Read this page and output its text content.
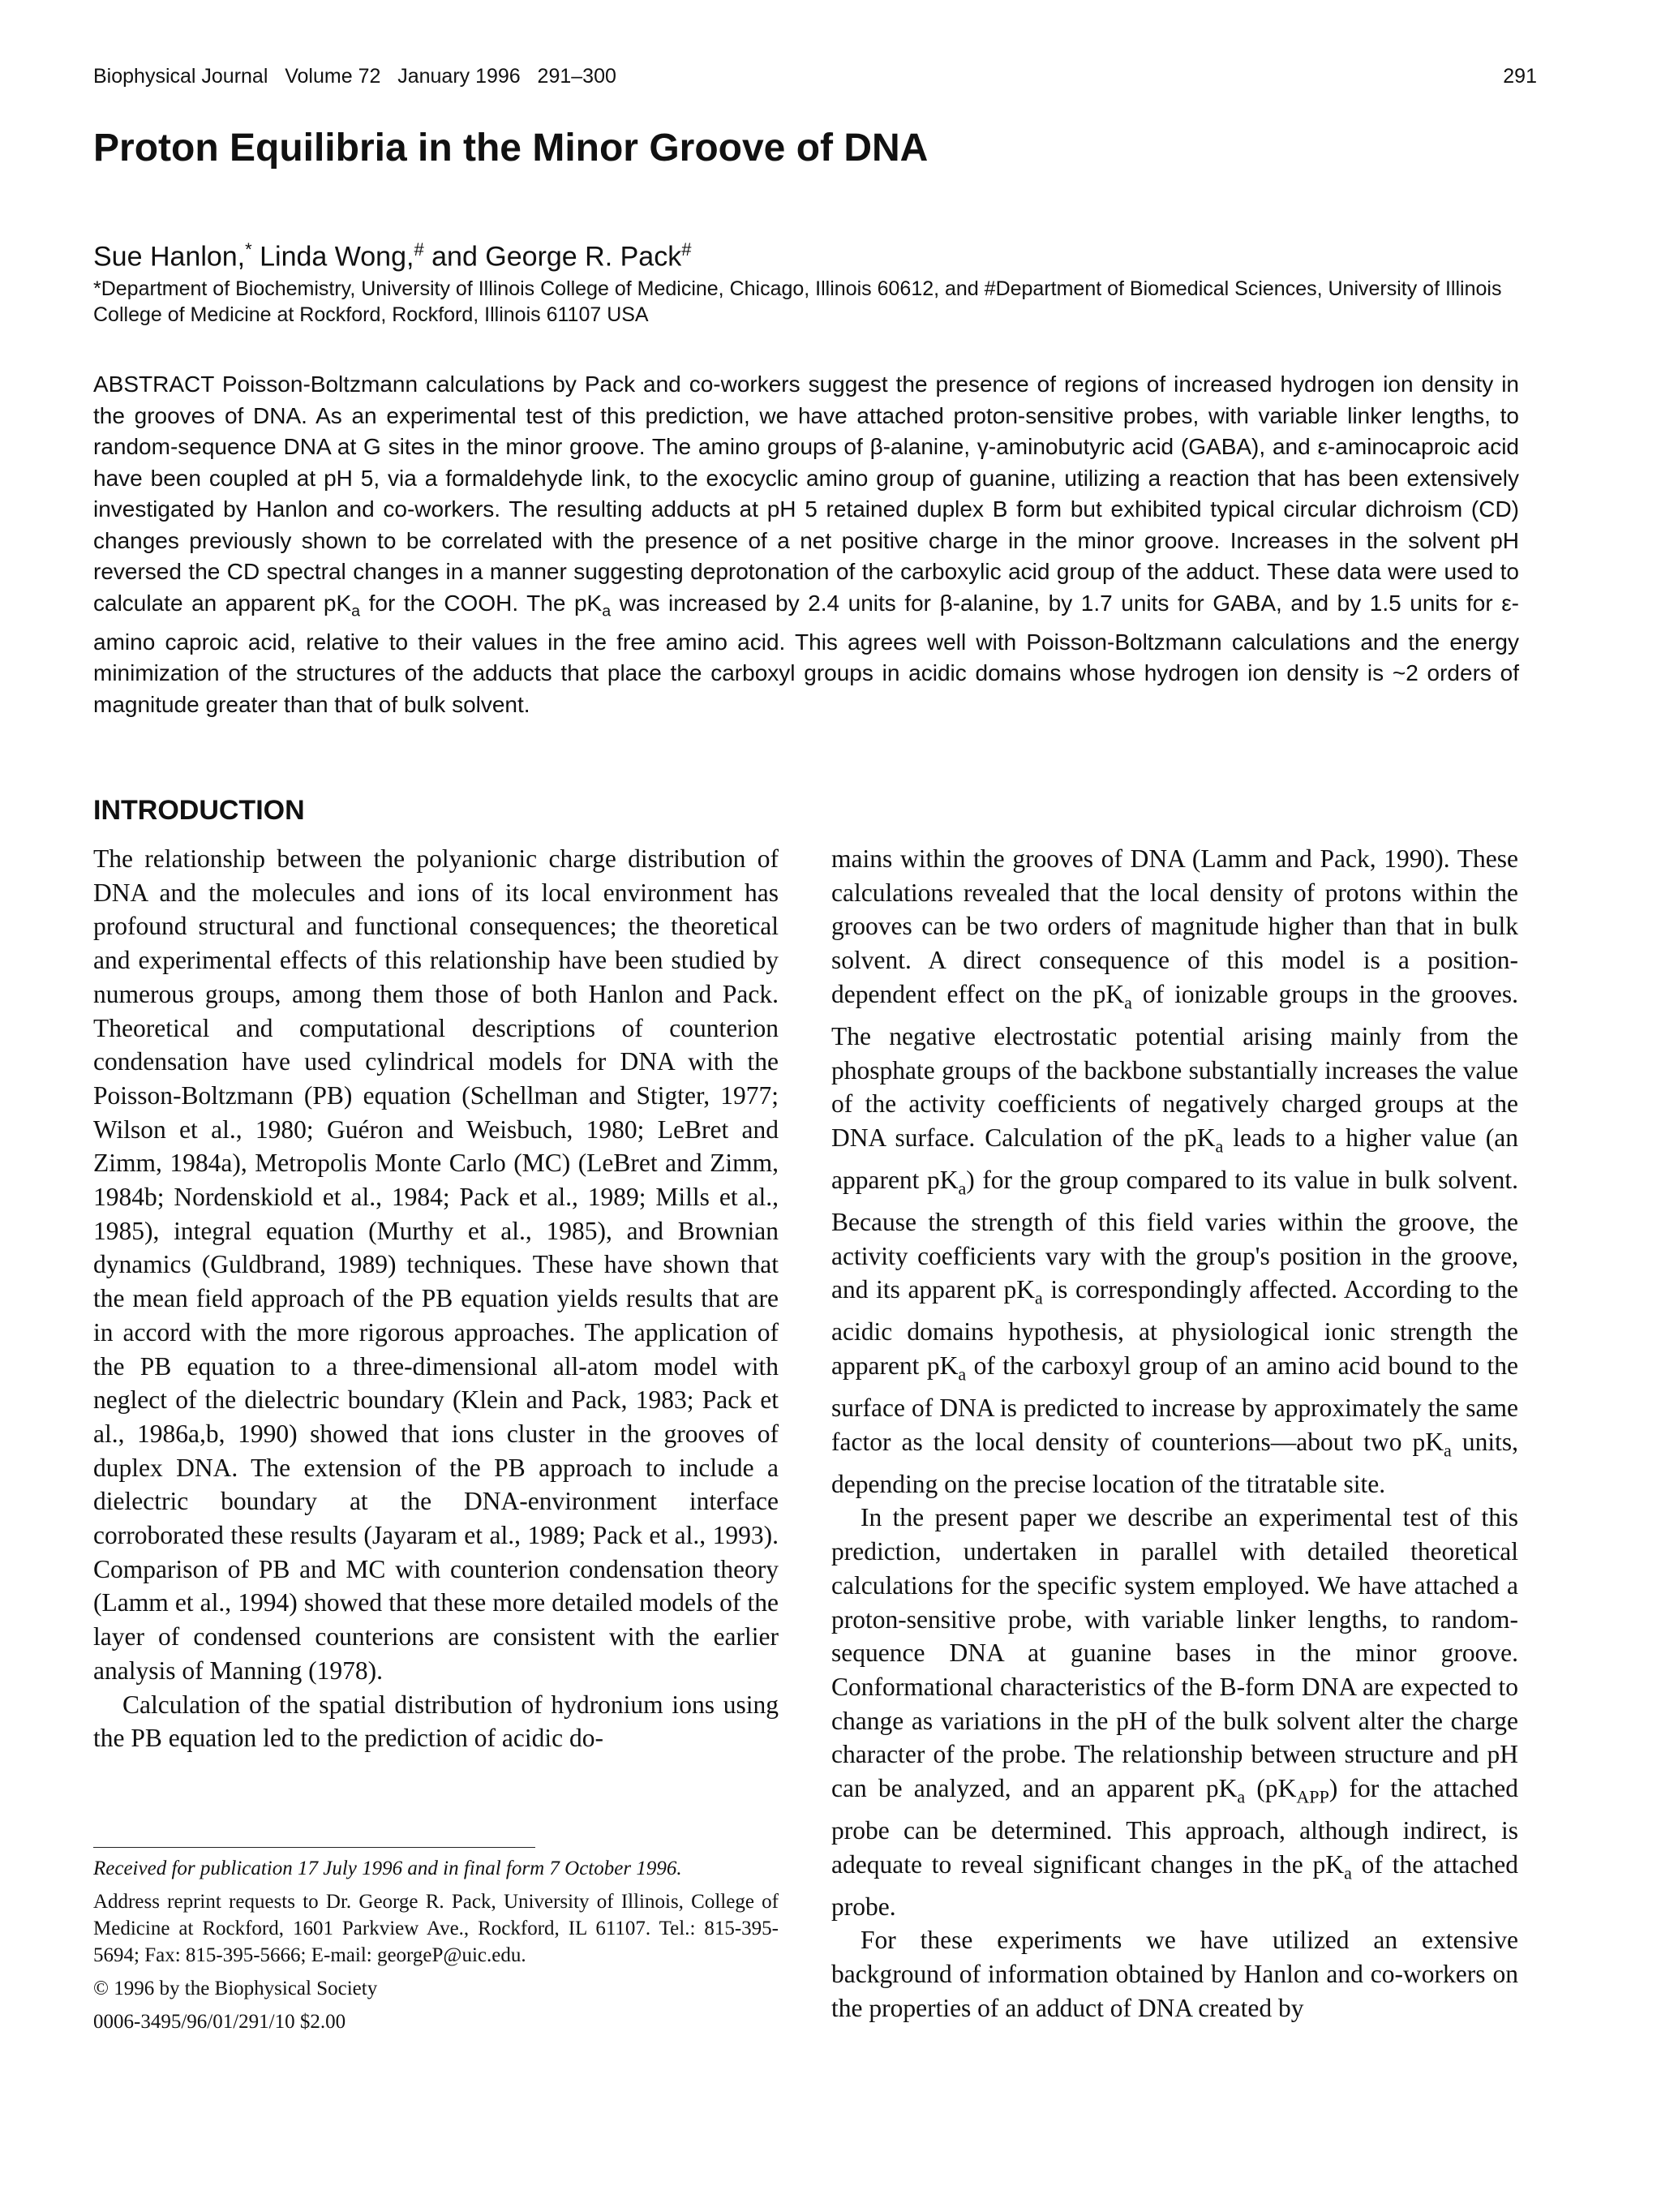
Biophysical Journal   Volume 72   January 1996   291–300	291
Proton Equilibria in the Minor Groove of DNA
Sue Hanlon,* Linda Wong,# and George R. Pack#
*Department of Biochemistry, University of Illinois College of Medicine, Chicago, Illinois 60612, and #Department of Biomedical Sciences, University of Illinois College of Medicine at Rockford, Rockford, Illinois 61107 USA
ABSTRACT Poisson-Boltzmann calculations by Pack and co-workers suggest the presence of regions of increased hydrogen ion density in the grooves of DNA. As an experimental test of this prediction, we have attached proton-sensitive probes, with variable linker lengths, to random-sequence DNA at G sites in the minor groove. The amino groups of β-alanine, γ-aminobutyric acid (GABA), and ε-aminocaproic acid have been coupled at pH 5, via a formaldehyde link, to the exocyclic amino group of guanine, utilizing a reaction that has been extensively investigated by Hanlon and co-workers. The resulting adducts at pH 5 retained duplex B form but exhibited typical circular dichroism (CD) changes previously shown to be correlated with the presence of a net positive charge in the minor groove. Increases in the solvent pH reversed the CD spectral changes in a manner suggesting deprotonation of the carboxylic acid group of the adduct. These data were used to calculate an apparent $pK_a$ for the COOH. The $pK_a$ was increased by 2.4 units for β-alanine, by 1.7 units for GABA, and by 1.5 units for ε-amino caproic acid, relative to their values in the free amino acid. This agrees well with Poisson-Boltzmann calculations and the energy minimization of the structures of the adducts that place the carboxyl groups in acidic domains whose hydrogen ion density is ~2 orders of magnitude greater than that of bulk solvent.
INTRODUCTION

The relationship between the polyanionic charge distribution of DNA and the molecules and ions of its local environment has profound structural and functional consequences; the theoretical and experimental effects of this relationship have been studied by numerous groups, among them those of both Hanlon and Pack. Theoretical and computational descriptions of counterion condensation have used cylindrical models for DNA with the Poisson-Boltzmann (PB) equation (Schellman and Stigter, 1977; Wilson et al., 1980; Guéron and Weisbuch, 1980; LeBret and Zimm, 1984a), Metropolis Monte Carlo (MC) (LeBret and Zimm, 1984b; Nordenskiold et al., 1984; Pack et al., 1989; Mills et al., 1985), integral equation (Murthy et al., 1985), and Brownian dynamics (Guldbrand, 1989) techniques. These have shown that the mean field approach of the PB equation yields results that are in accord with the more rigorous approaches. The application of the PB equation to a three-dimensional all-atom model with neglect of the dielectric boundary (Klein and Pack, 1983; Pack et al., 1986a,b, 1990) showed that ions cluster in the grooves of duplex DNA. The extension of the PB approach to include a dielectric boundary at the DNA-environment interface corroborated these results (Jayaram et al., 1989; Pack et al., 1993). Comparison of PB and MC with counterion condensation theory (Lamm et al., 1994) showed that these more detailed models of the layer of condensed counterions are consistent with the earlier analysis of Manning (1978).

Calculation of the spatial distribution of hydronium ions using the PB equation led to the prediction of acidic do-

mains within the grooves of DNA (Lamm and Pack, 1990). These calculations revealed that the local density of protons within the grooves can be two orders of magnitude higher than that in bulk solvent. A direct consequence of this model is a position-dependent effect on the $pK_a$ of ionizable groups in the grooves. The negative electrostatic potential arising mainly from the phosphate groups of the backbone substantially increases the value of the activity coefficients of negatively charged groups at the DNA surface. Calculation of the $pK_a$ leads to a higher value (an apparent $pK_a$) for the group compared to its value in bulk solvent. Because the strength of this field varies within the groove, the activity coefficients vary with the group's position in the groove, and its apparent $pK_a$ is correspondingly affected. According to the acidic domains hypothesis, at physiological ionic strength the apparent $pK_a$ of the carboxyl group of an amino acid bound to the surface of DNA is predicted to increase by approximately the same factor as the local density of counterions—about two $pK_a$ units, depending on the precise location of the titratable site.

In the present paper we describe an experimental test of this prediction, undertaken in parallel with detailed theoretical calculations for the specific system employed. We have attached a proton-sensitive probe, with variable linker lengths, to random-sequence DNA at guanine bases in the minor groove. Conformational characteristics of the B-form DNA are expected to change as variations in the pH of the bulk solvent alter the charge character of the probe. The relationship between structure and pH can be analyzed, and an apparent $pK_a$ $(pK_{APP})$ for the attached probe can be determined. This approach, although indirect, is adequate to reveal significant changes in the $pK_a$ of the attached probe.

For these experiments we have utilized an extensive background of information obtained by Hanlon and co-workers on the properties of an adduct of DNA created by

Received for publication 17 July 1996 and in final form 7 October 1996.

Address reprint requests to Dr. George R. Pack, University of Illinois, College of Medicine at Rockford, 1601 Parkview Ave., Rockford, IL 61107. Tel.: 815-395-5694; Fax: 815-395-5666; E-mail: georgeP@uic.edu.

© 1996 by the Biophysical Society

0006-3495/96/01/291/10 $2.00
